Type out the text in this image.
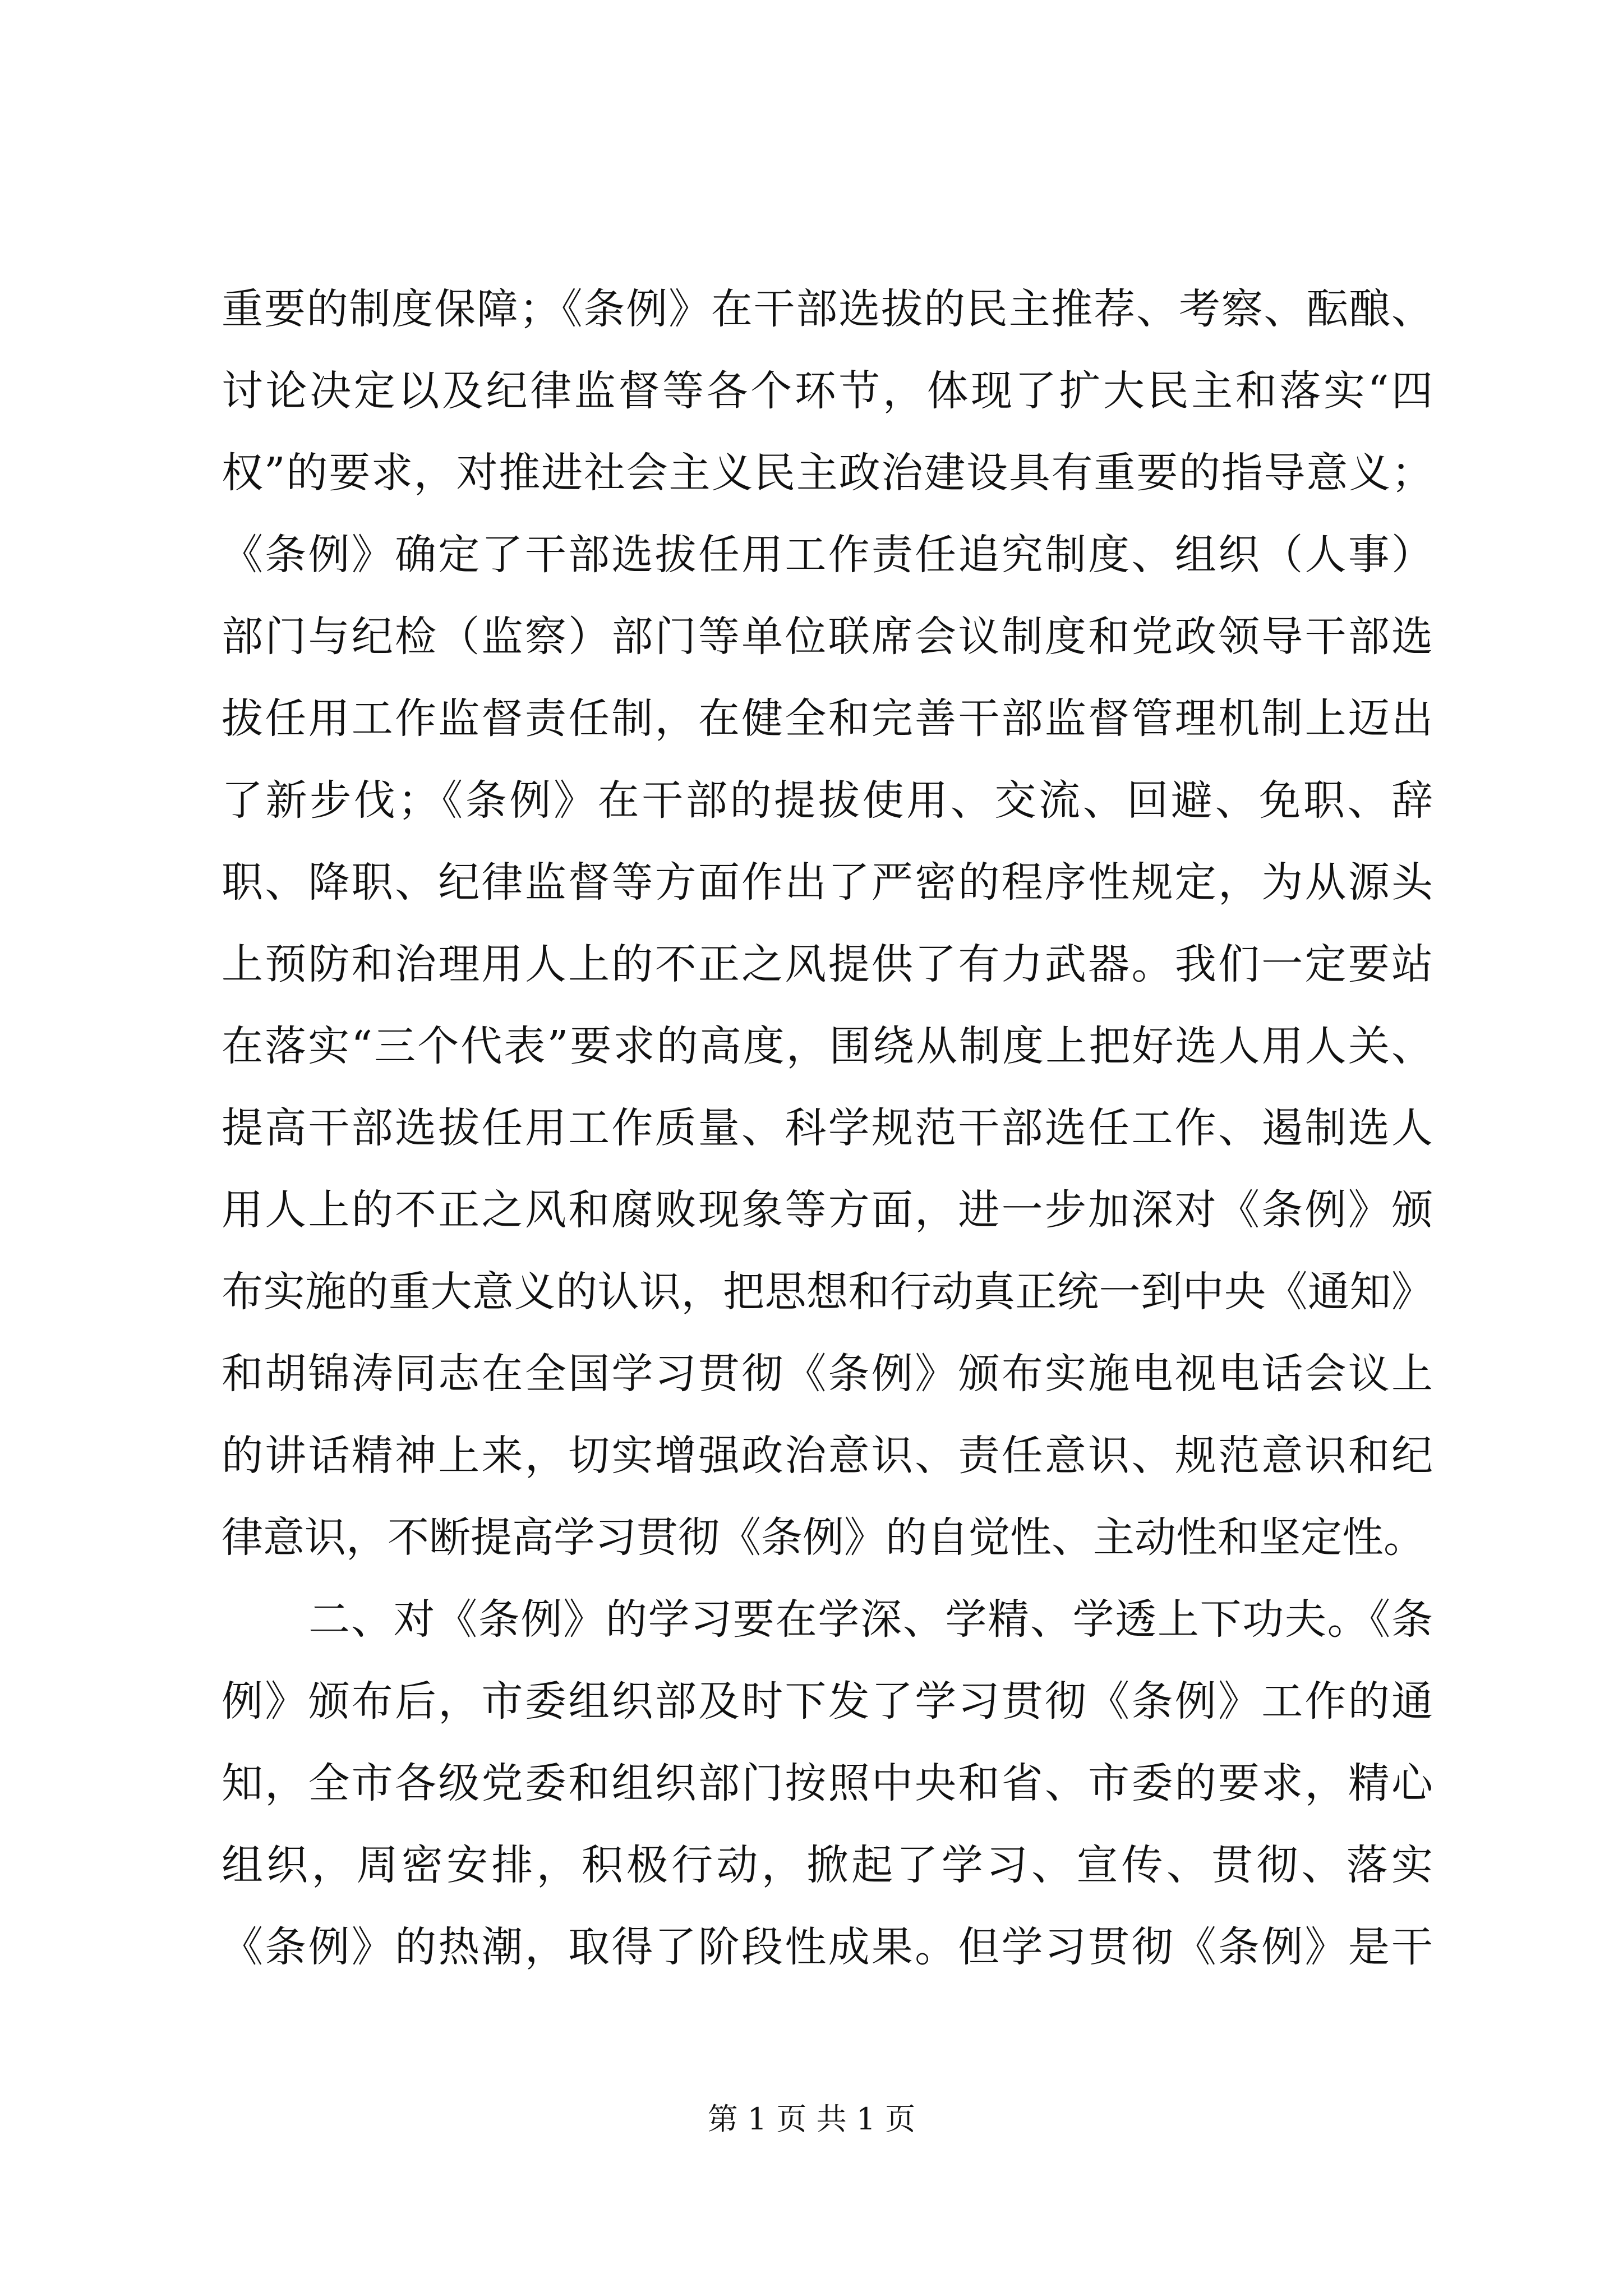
重要的制度保障；《条例》在干部选拔的民主推荐、考察、酝酿、
讨论决定以及纪律监督等各个环节，体现了扩大民主和落实“四
权”的要求，对推进社会主义民主政治建设具有重要的指导意义；
《条例》确定了干部选拔任用工作责任追究制度、组织（人事）
部门与纪检（监察）部门等单位联席会议制度和党政领导干部选
拔任用工作监督责任制，在健全和完善干部监督管理机制上迈出
了新步伐；《条例》在干部的提拔使用、交流、回避、免职、辞
职、降职、纪律监督等方面作出了严密的程序性规定，为从源头
上预防和治理用人上的不正之风提供了有力武器。我们一定要站
在落实“三个代表”要求的高度，围绕从制度上把好选人用人关、
提高干部选拔任用工作质量、科学规范干部选任工作、遏制选人
用人上的不正之风和腐败现象等方面，进一步加深对《条例》颁
布实施的重大意义的认识，把思想和行动真正统一到中央《通知》
和胡锦涛同志在全国学习贯彻《条例》颁布实施电视电话会议上
的讲话精神上来，切实增强政治意识、责任意识、规范意识和纪
律意识，不断提高学习贯彻《条例》的自觉性、主动性和坚定性。
二、对《条例》的学习要在学深、学精、学透上下功夫。《条
例》颁布后，市委组织部及时下发了学习贯彻《条例》工作的通
知，全市各级党委和组织部门按照中央和省、市委的要求，精心
组织，周密安排，积极行动，掀起了学习、宣传、贯彻、落实
《条例》的热潮，取得了阶段性成果。但学习贯彻《条例》是干
第 1 页 共 1 页
